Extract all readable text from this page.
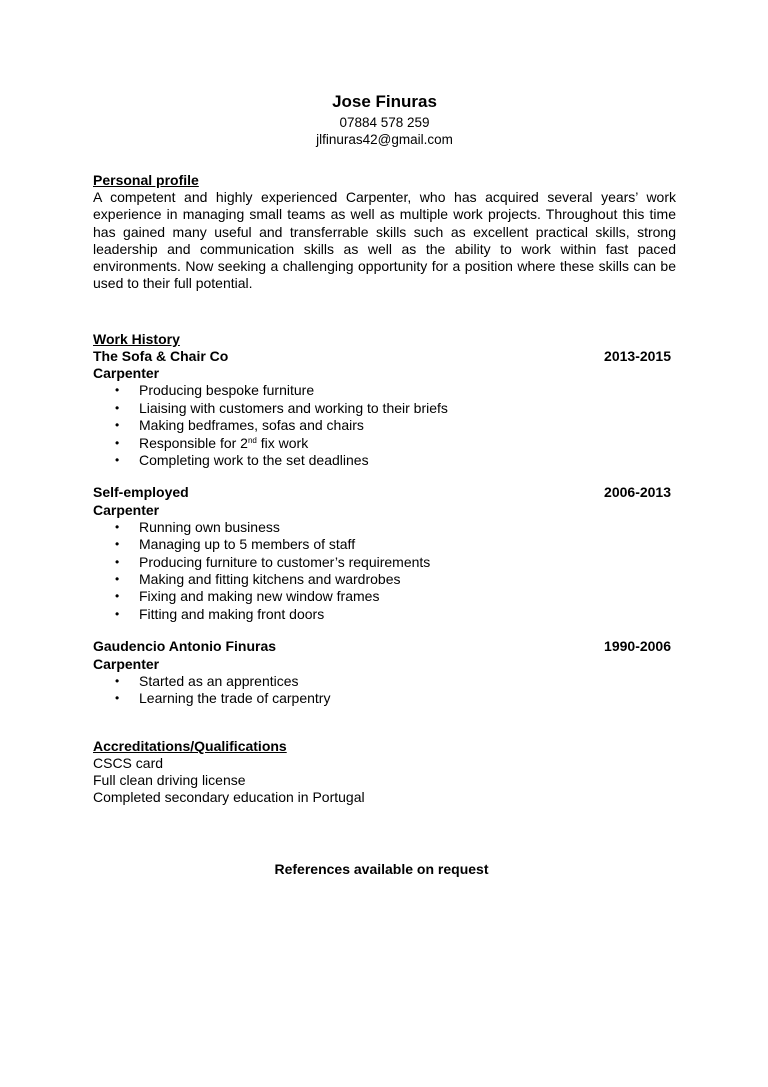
Jose Finuras
07884 578 259
jlfinuras42@gmail.com
Personal profile
A competent and highly experienced Carpenter, who has acquired several years’ work experience in managing small teams as well as multiple work projects. Throughout this time has gained many useful and transferrable skills such as excellent practical skills, strong leadership and communication skills as well as the ability to work within fast paced environments. Now seeking a challenging opportunity for a position where these skills can be used to their full potential.
Work History
The Sofa & Chair Co	2013-2015
Carpenter
• Producing bespoke furniture
• Liaising with customers and working to their briefs
• Making bedframes, sofas and chairs
• Responsible for 2nd fix work
• Completing work to the set deadlines
Self-employed	2006-2013
Carpenter
• Running own business
• Managing up to 5 members of staff
• Producing furniture to customer’s requirements
• Making and fitting kitchens and wardrobes
• Fixing and making new window frames
• Fitting and making front doors
Gaudencio Antonio Finuras	1990-2006
Carpenter
• Started as an apprentices
• Learning the trade of carpentry
Accreditations/Qualifications
CSCS card
Full clean driving license
Completed secondary education in Portugal
References available on request
